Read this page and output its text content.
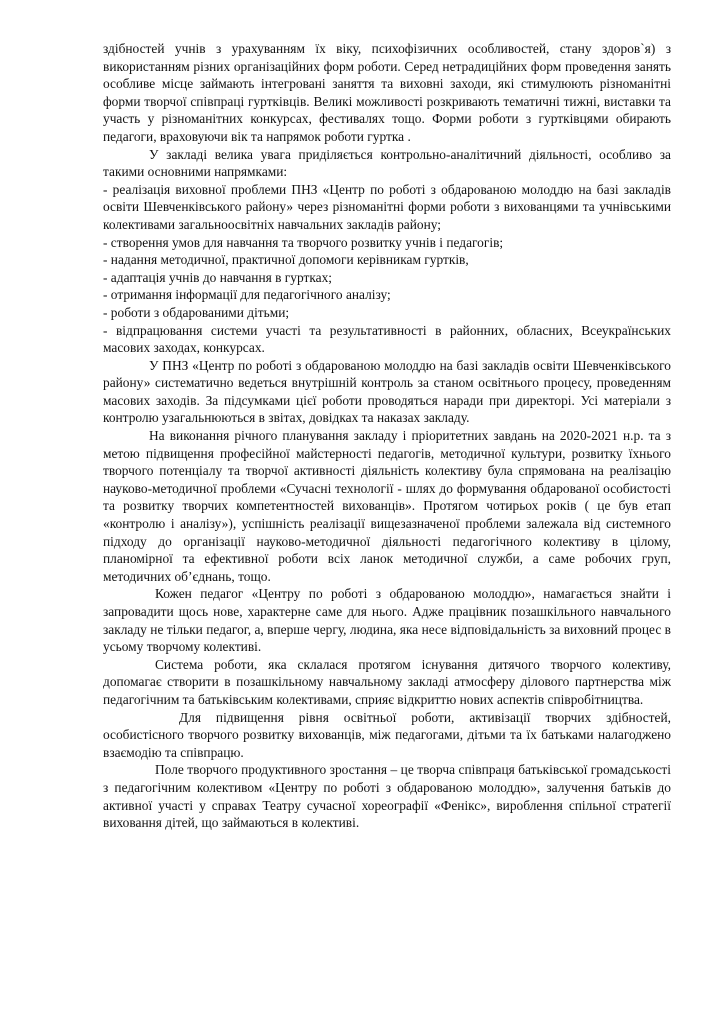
здібностей учнів з урахуванням їх віку, психофізичних особливостей, стану здоров`я) з використанням різних організаційних форм роботи. Серед нетрадиційних форм проведення занять особливе місце займають інтегровані заняття та виховні заходи, які стимулюють різноманітні форми творчої співпраці гуртківців. Великі можливості розкривають тематичні тижні, виставки та участь у різноманітних конкурсах, фестивалях тощо. Форми роботи з гуртківцями обирають педагоги, враховуючи вік та напрямок роботи гуртка .

У закладі велика увага приділяється контрольно-аналітичний діяльності, особливо за такими основними напрямками:

- реалізація виховної проблеми ПНЗ «Центр по роботі з обдарованою молоддю на базі закладів освіти Шевченківського району» через різноманітні форми роботи з вихованцями та учнівськими колективами загальноосвітніх навчальних закладів району;

- створення умов для навчання та творчого розвитку учнів і педагогів;

- надання методичної, практичної допомоги керівникам гуртків,

- адаптація учнів до навчання в гуртках;

- отримання інформації для педагогічного аналізу;

- роботи з обдарованими дітьми;

- відпрацювання системи участі та результативності в районних, обласних, Всеукраїнських масових заходах, конкурсах.

У ПНЗ «Центр по роботі з обдарованою молоддю на базі закладів освіти Шевченківського району» систематично ведеться внутрішній контроль за станом освітнього процесу, проведенням масових заходів. За підсумками цієї роботи проводяться наради при директорі. Усі матеріали з контролю узагальнюються в звітах, довідках та наказах закладу.

На виконання річного планування закладу і пріоритетних завдань на 2020-2021 н.р. та з метою підвищення професійної майстерності педагогів, методичної культури, розвитку їхнього творчого потенціалу та творчої активності діяльність колективу була спрямована на реалізацію науково-методичної проблеми «Сучасні технології - шлях до формування обдарованої особистості та розвитку творчих компетентностей вихованців». Протягом чотирьох років ( це був етап «контролю і аналізу»), успішність реалізації вищезазначеної проблеми залежала від системного підходу до організації науково-методичної діяльності педагогічного колективу в цілому, планомірної та ефективної роботи всіх ланок методичної служби, а саме робочих груп, методичних об’єднань, тощо.

Кожен педагог «Центру по роботі з обдарованою молоддю», намагається знайти і запровадити щось нове, характерне саме для нього. Адже працівник позашкільного навчального закладу не тільки педагог, а, вперше чергу, людина, яка несе відповідальність за виховний процес в усьому творчому колективі.

Система роботи, яка склалася протягом існування дитячого творчого колективу, допомагає створити в позашкільному навчальному закладі атмосферу ділового партнерства між педагогічним та батьківським колективами, сприяє відкриттю нових аспектів співробітництва.

Для підвищення рівня освітньої роботи, активізації творчих здібностей, особистісного творчого розвитку вихованців, між педагогами, дітьми та їх батьками налагоджено взаємодію та співпрацю.

Поле творчого продуктивного зростання – це творча співпраця батьківської громадськості з педагогічним колективом «Центру по роботі з обдарованою молоддю», залучення батьків до активної участі у справах Театру сучасної хореографії «Фенікс», вироблення спільної стратегії виховання дітей, що займаються в колективі.
